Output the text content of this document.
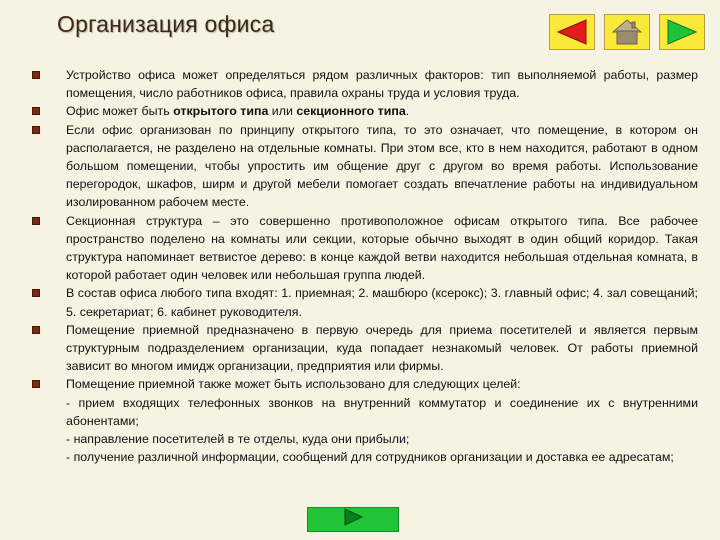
Организация офиса
Устройство офиса может определяться рядом различных факторов: тип выполняемой работы, размер помещения, число работников офиса, правила охраны труда и условия труда.
Офис может быть открытого типа или секционного типа.
Если офис организован по принципу открытого типа, то это означает, что помещение, в котором он располагается, не разделено на отдельные комнаты. При этом все, кто в нем находится, работают в одном большом помещении, чтобы упростить им общение друг с другом во время работы. Использование перегородок, шкафов, ширм и другой мебели помогает создать впечатление работы на индивидуальном изолированном рабочем месте.
Секционная структура – это совершенно противоположное офисам открытого типа. Все рабочее пространство поделено на комнаты или секции, которые обычно выходят в один общий коридор. Такая структура напоминает ветвистое дерево: в конце каждой ветви находится небольшая отдельная комната, в которой работает один человек или небольшая группа людей.
В состав офиса любого типа входят: 1. приемная; 2. машбюро (ксерокс); 3. главный офис; 4. зал совещаний; 5. секретариат; 6. кабинет руководителя.
Помещение приемной предназначено в первую очередь для приема посетителей и является первым структурным подразделением организации, куда попадает незнакомый человек. От работы приемной зависит во многом имидж организации, предприятия или фирмы.
Помещение приемной также может быть использовано для следующих целей:
- прием входящих телефонных звонков на внутренний коммутатор и соединение их с внутренними абонентами;
- направление посетителей в те отделы, куда они прибыли;
- получение различной информации, сообщений для сотрудников организации и доставка ее адресатам;
